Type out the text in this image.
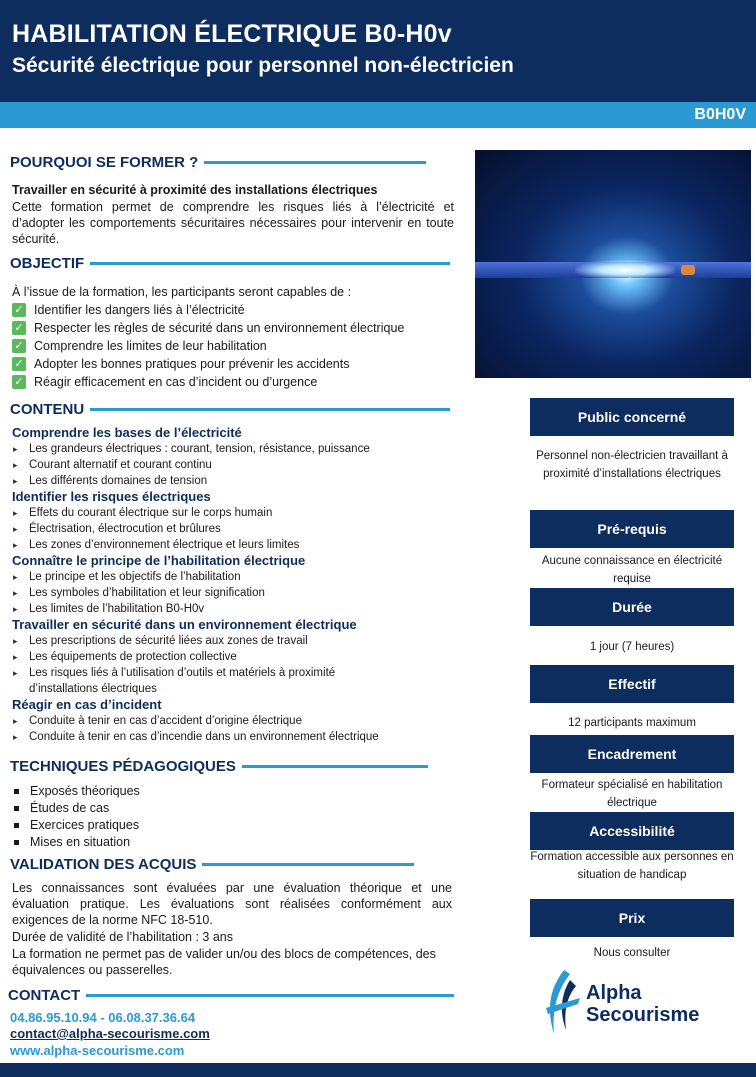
HABILITATION ÉLECTRIQUE B0-H0v
Sécurité électrique pour personnel non-électricien
B0H0V
POURQUOI SE FORMER ?
Travailler en sécurité à proximité des installations électriques
Cette formation permet de comprendre les risques liés à l’électricité et d’adopter les comportements sécuritaires nécessaires pour intervenir en toute sécurité.
OBJECTIF
À l’issue de la formation, les participants seront capables de :
✓ Identifier les dangers liés à l’électricité
✓ Respecter les règles de sécurité dans un environnement électrique
✓ Comprendre les limites de leur habilitation
✓ Adopter les bonnes pratiques pour prévenir les accidents
✓ Réagir efficacement en cas d’incident ou d’urgence
CONTENU
Comprendre les bases de l’électricité
▸ Les grandeurs électriques : courant, tension, résistance, puissance
▸ Courant alternatif et courant continu
▸ Les différents domaines de tension
Identifier les risques électriques
▸ Effets du courant électrique sur le corps humain
▸ Électrisation, électrocution et brûlures
▸ Les zones d’environnement électrique et leurs limites
Connaître le principe de l’habilitation électrique
▸ Le principe et les objectifs de l’habilitation
▸ Les symboles d’habilitation et leur signification
▸ Les limites de l’habilitation B0-H0v
Travailler en sécurité dans un environnement électrique
▸ Les prescriptions de sécurité liées aux zones de travail
▸ Les équipements de protection collective
▸ Les risques liés à l’utilisation d’outils et matériels à proximité d’installations électriques
Réagir en cas d’incident
▸ Conduite à tenir en cas d’accident d’origine électrique
▸ Conduite à tenir en cas d’incendie dans un environnement électrique
TECHNIQUES PÉDAGOGIQUES
Exposés théoriques
Études de cas
Exercices pratiques
Mises en situation
VALIDATION DES ACQUIS
Les connaissances sont évaluées par une évaluation théorique et une évaluation pratique. Les évaluations sont réalisées conformément aux exigences de la norme NFC 18-510.
Durée de validité de l’habilitation : 3 ans
La formation ne permet pas de valider un/ou des blocs de compétences, des équivalences ou passerelles.
CONTACT
04.86.95.10.94 - 06.08.37.36.64
contact@alpha-secourisme.com
www.alpha-secourisme.com
Public concerné
Personnel non-électricien travaillant à proximité d’installations électriques
Pré-requis
Aucune connaissance en électricité requise
Durée
1 jour (7 heures)
Effectif
12 participants maximum
Encadrement
Formateur spécialisé en habilitation électrique
Accessibilité
Formation accessible aux personnes en situation de handicap
Prix
Nous consulter
Alpha
Secourisme
